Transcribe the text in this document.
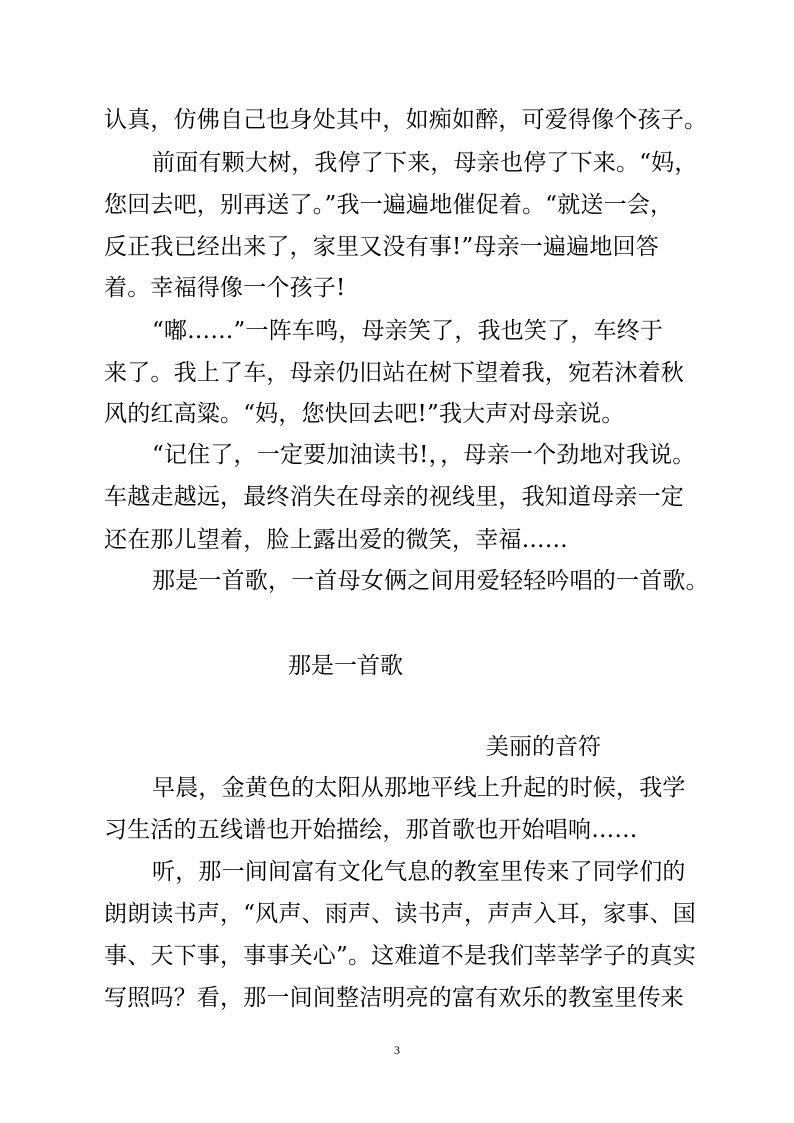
认真，仿佛自己也身处其中，如痴如醉，可爱得像个孩子。
前面有颗大树，我停了下来，母亲也停了下来。“妈，
您回去吧，别再送了。”我一遍遍地催促着。“就送一会，
反正我已经出来了，家里又没有事!”母亲一遍遍地回答
着。幸福得像一个孩子!
“嘟……”一阵车鸣，母亲笑了，我也笑了，车终于
来了。我上了车，母亲仍旧站在树下望着我，宛若沐着秋
风的红高粱。“妈，您快回去吧!”我大声对母亲说。
“记住了，一定要加油读书!，，母亲一个劲地对我说。
车越走越远，最终消失在母亲的视线里，我知道母亲一定
还在那儿望着，脸上露出爱的微笑，幸福……
那是一首歌，一首母女俩之间用爱轻轻吟唱的一首歌。
那是一首歌
美丽的音符
早晨，金黄色的太阳从那地平线上升起的时候，我学
习生活的五线谱也开始描绘，那首歌也开始唱响……
听，那一间间富有文化气息的教室里传来了同学们的
朗朗读书声，“风声、雨声、读书声，声声入耳，家事、国
事、天下事，事事关心”。这难道不是我们莘莘学子的真实
写照吗？看，那一间间整洁明亮的富有欢乐的教室里传来
3
